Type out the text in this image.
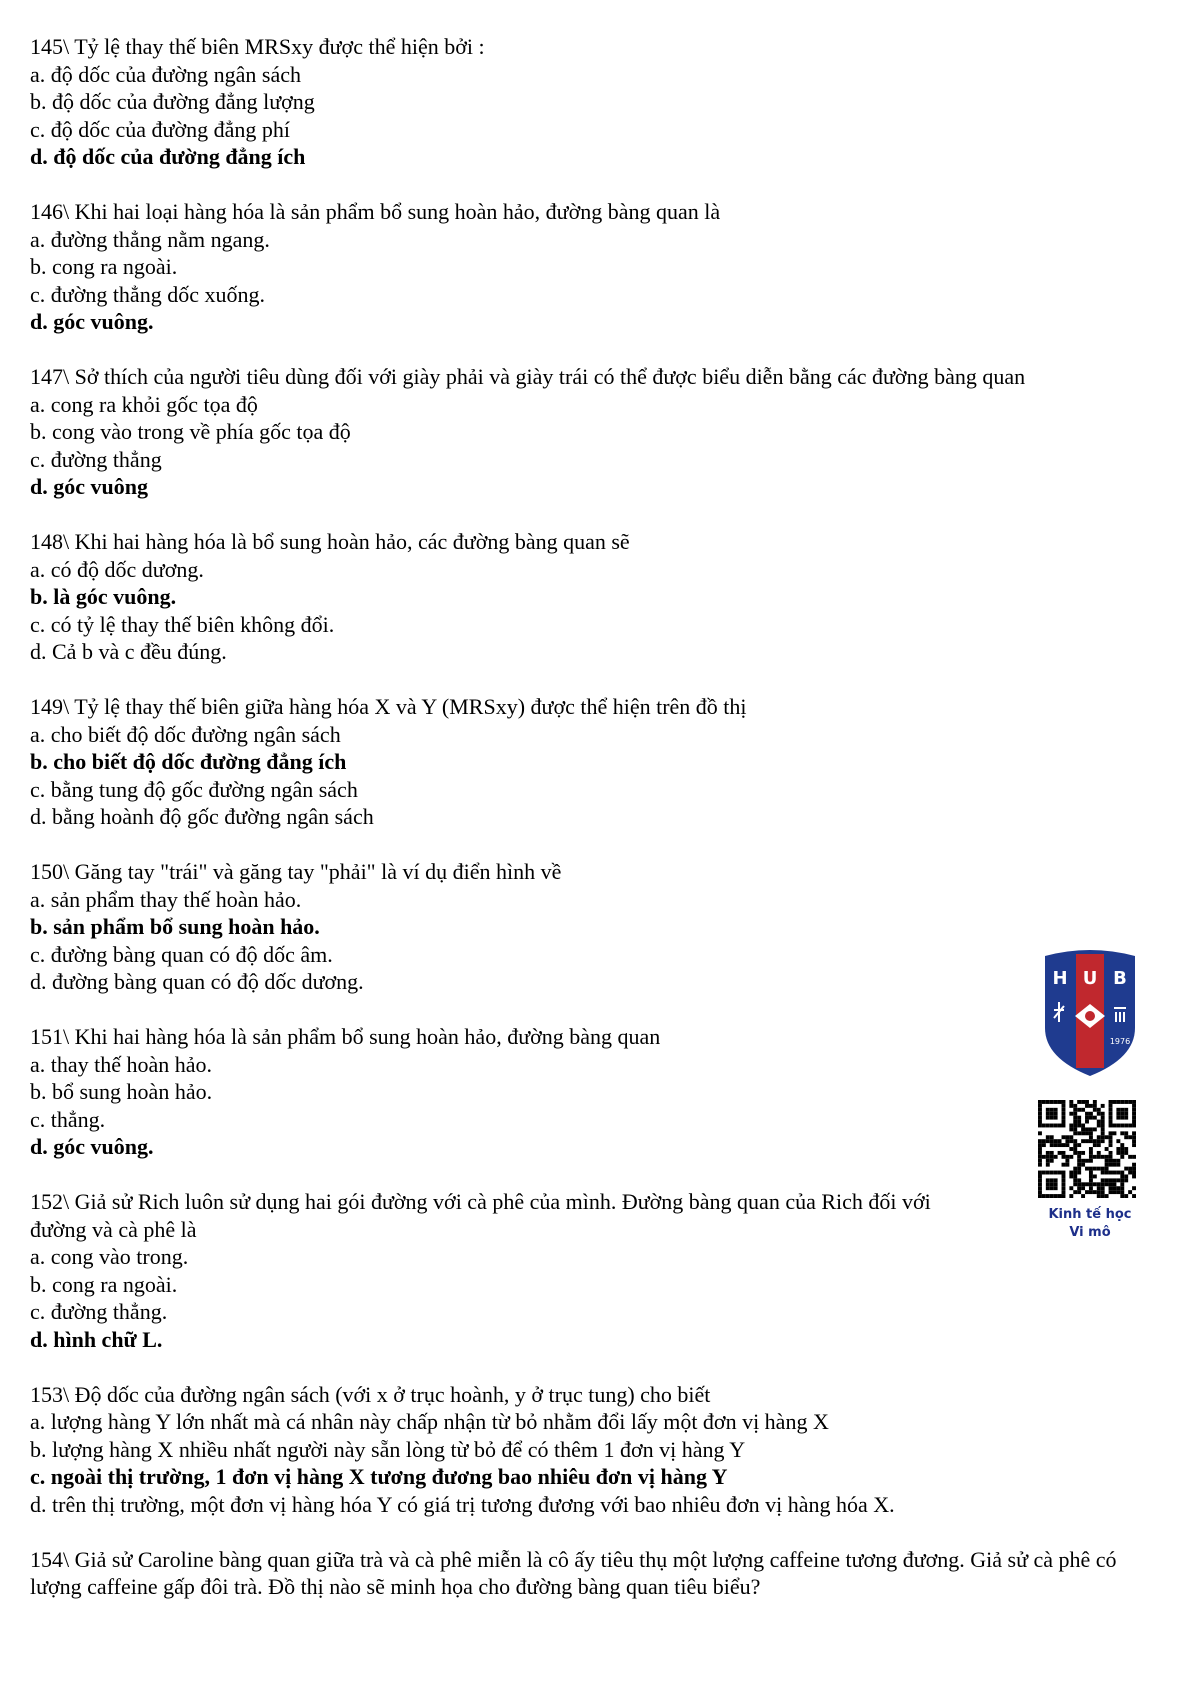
145\ Tỷ lệ thay thế biên MRSxy được thể hiện bởi :
a. độ dốc của đường ngân sách
b. độ dốc của đường đẳng lượng
c. độ dốc của đường đẳng phí
d. độ dốc của đường đẳng ích
146\ Khi hai loại hàng hóa là sản phẩm bổ sung hoàn hảo, đường bàng quan là
a. đường thẳng nằm ngang.
b. cong ra ngoài.
c. đường thẳng dốc xuống.
d. góc vuông.
147\ Sở thích của người tiêu dùng đối với giày phải và giày trái có thể được biểu diễn bằng các đường bàng quan
a. cong ra khỏi gốc tọa độ
b. cong vào trong về phía gốc tọa độ
c. đường thẳng
d. góc vuông
148\ Khi hai hàng hóa là bổ sung hoàn hảo, các đường bàng quan sẽ
a. có độ dốc dương.
b. là góc vuông.
c. có tỷ lệ thay thế biên không đổi.
d. Cả b và c đều đúng.
149\ Tỷ lệ thay thế biên giữa hàng hóa X và Y (MRSxy) được thể hiện trên đồ thị
a. cho biết độ dốc đường ngân sách
b. cho biết độ dốc đường đẳng ích
c. bằng tung độ gốc đường ngân sách
d. bằng hoành độ gốc đường ngân sách
150\ Găng tay "trái" và găng tay "phải" là ví dụ điển hình về
a. sản phẩm thay thế hoàn hảo.
b. sản phẩm bổ sung hoàn hảo.
c. đường bàng quan có độ dốc âm.
d. đường bàng quan có độ dốc dương.
151\ Khi hai hàng hóa là sản phẩm bổ sung hoàn hảo, đường bàng quan
a. thay thế hoàn hảo.
b. bổ sung hoàn hảo.
c. thẳng.
d. góc vuông.
152\ Giả sử Rich luôn sử dụng hai gói đường với cà phê của mình. Đường bàng quan của Rich đối với đường và cà phê là
a. cong vào trong.
b. cong ra ngoài.
c. đường thẳng.
d. hình chữ L.
153\ Độ dốc của đường ngân sách (với x ở trục hoành, y ở trục tung) cho biết
a. lượng hàng Y lớn nhất mà cá nhân này chấp nhận từ bỏ nhằm đổi lấy một đơn vị hàng X
b. lượng hàng X nhiều nhất người này sẵn lòng từ bỏ để có thêm 1 đơn vị hàng Y
c. ngoài thị trường, 1 đơn vị hàng X tương đương bao nhiêu đơn vị hàng Y
d. trên thị trường, một đơn vị hàng hóa Y có giá trị tương đương với bao nhiêu đơn vị hàng hóa X.
154\ Giả sử Caroline bàng quan giữa trà và cà phê miễn là cô ấy tiêu thụ một lượng caffeine tương đương. Giả sử cà phê có lượng caffeine gấp đôi trà. Đồ thị nào sẽ minh họa cho đường bàng quan tiêu biểu?
H U B
1976
Kinh tế học
Vi mô
